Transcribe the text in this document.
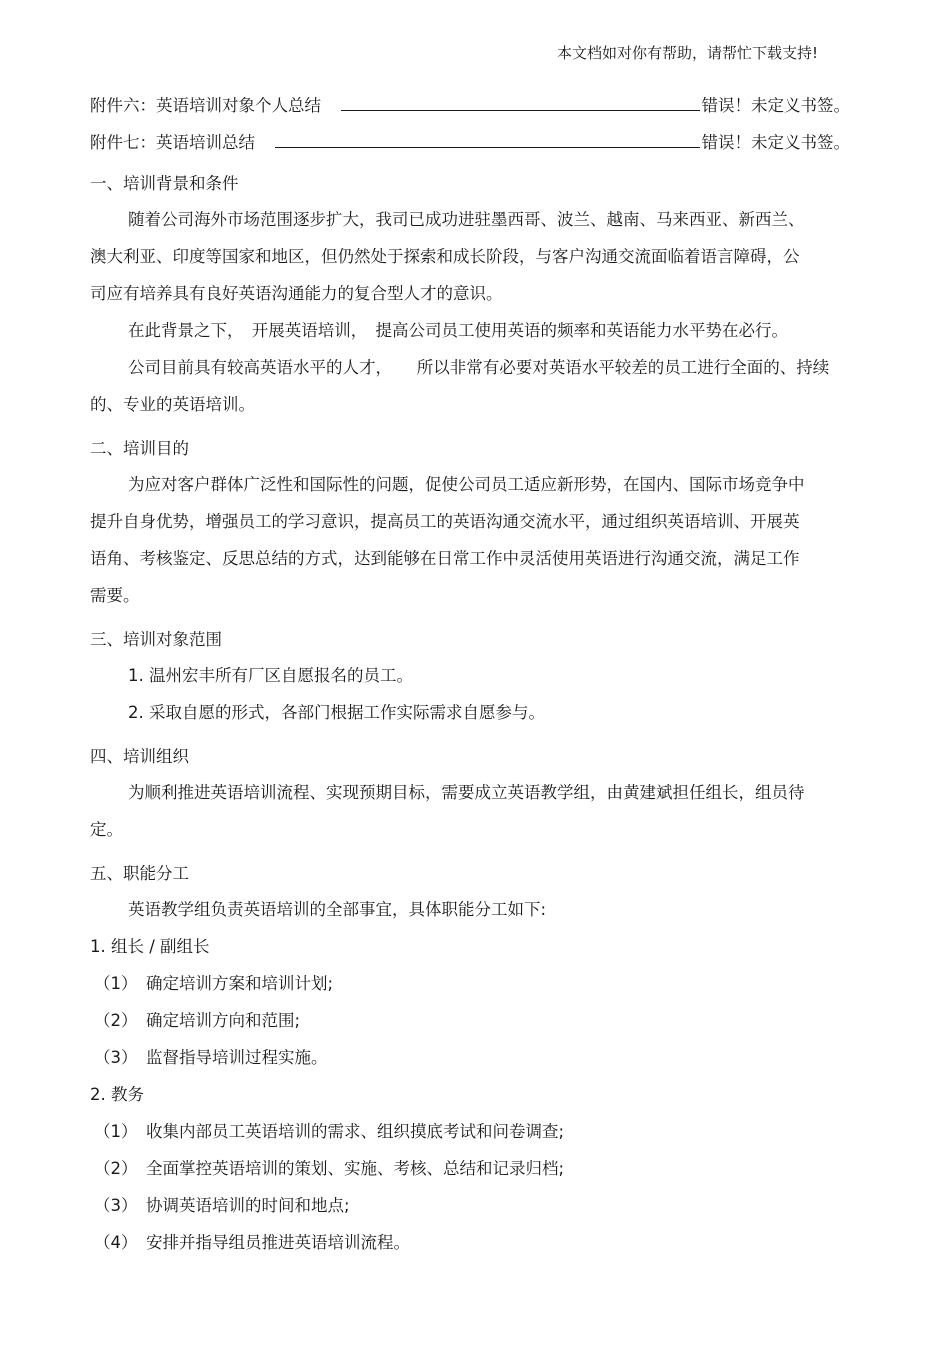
本文档如对你有帮助，请帮忙下载支持!
附件六：英语培训对象个人总结	错误！未定义书签。
附件七：英语培训总结	错误！未定义书签。
一、培训背景和条件
随着公司海外市场范围逐步扩大，我司已成功进驻墨西哥、波兰、越南、马来西亚、新西兰、澳大利亚、印度等国家和地区，但仍然处于探索和成长阶段，与客户沟通交流面临着语言障碍，公司应有培养具有良好英语沟通能力的复合型人才的意识。
在此背景之下，　开展英语培训，　提高公司员工使用英语的频率和英语能力水平势在必行。
公司目前具有较高英语水平的人才，　　所以非常有必要对英语水平较差的员工进行全面的、持续的、专业的英语培训。
二、培训目的
为应对客户群体广泛性和国际性的问题，促使公司员工适应新形势，在国内、国际市场竞争中提升自身优势，增强员工的学习意识，提高员工的英语沟通交流水平，通过组织英语培训、开展英语角、考核鉴定、反思总结的方式，达到能够在日常工作中灵活使用英语进行沟通交流，满足工作需要。
三、培训对象范围
1. 温州宏丰所有厂区自愿报名的员工。
2. 采取自愿的形式，各部门根据工作实际需求自愿参与。
四、培训组织
为顺利推进英语培训流程、实现预期目标，需要成立英语教学组，由黄建斌担任组长，组员待定。
五、职能分工
英语教学组负责英语培训的全部事宜，具体职能分工如下:
1. 组长 / 副组长
（1） 确定培训方案和培训计划;
（2） 确定培训方向和范围;
（3） 监督指导培训过程实施。
2. 教务
（1） 收集内部员工英语培训的需求、组织摸底考试和问卷调查;
（2） 全面掌控英语培训的策划、实施、考核、总结和记录归档;
（3） 协调英语培训的时间和地点;
（4） 安排并指导组员推进英语培训流程。
